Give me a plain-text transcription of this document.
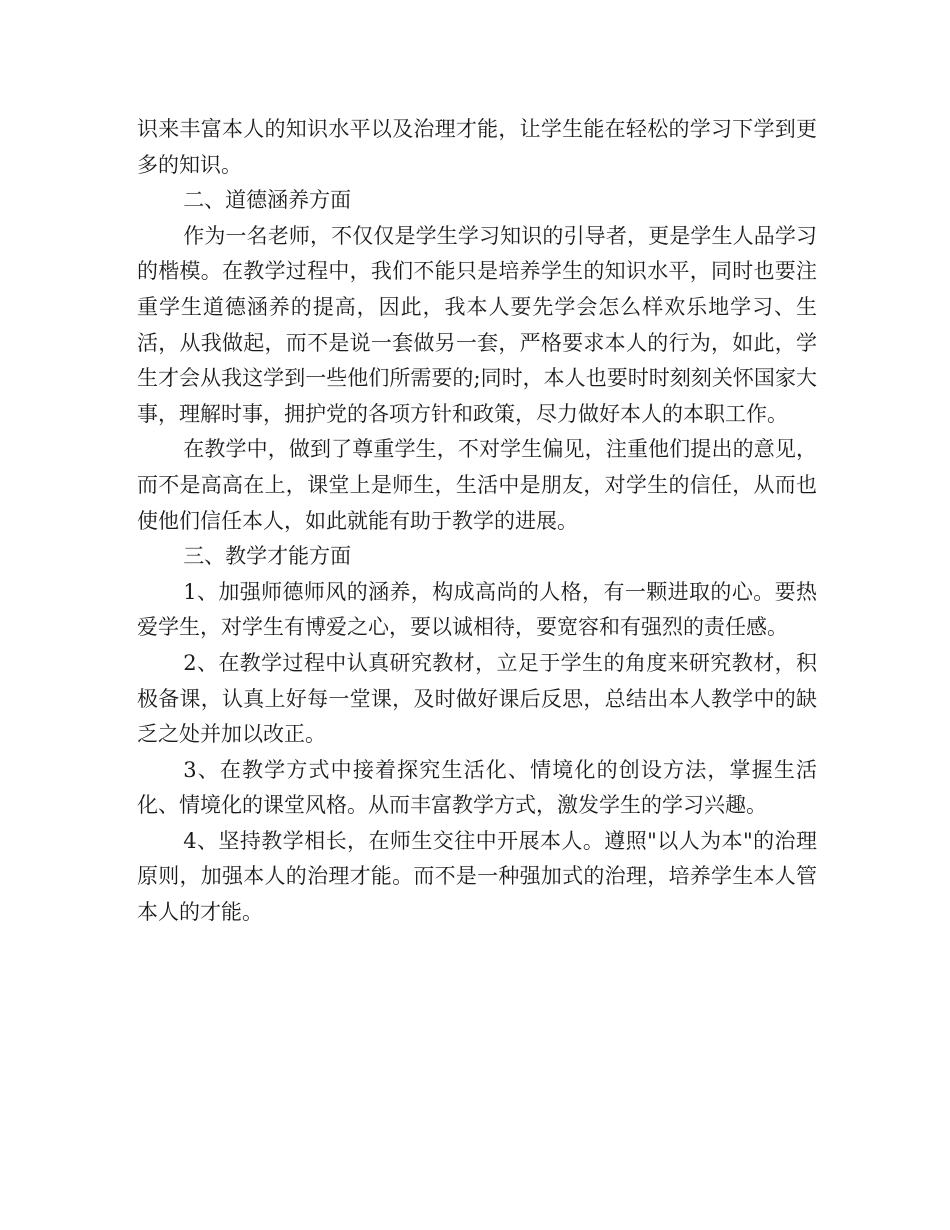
识来丰富本人的知识水平以及治理才能，让学生能在轻松的学习下学到更多的知识。

二、道德涵养方面

作为一名老师，不仅仅是学生学习知识的引导者，更是学生人品学习的楷模。在教学过程中，我们不能只是培养学生的知识水平，同时也要注重学生道德涵养的提高，因此，我本人要先学会怎么样欢乐地学习、生活，从我做起，而不是说一套做另一套，严格要求本人的行为，如此，学生才会从我这学到一些他们所需要的;同时，本人也要时时刻刻关怀国家大事，理解时事，拥护党的各项方针和政策，尽力做好本人的本职工作。

在教学中，做到了尊重学生，不对学生偏见，注重他们提出的意见，而不是高高在上，课堂上是师生，生活中是朋友，对学生的信任，从而也使他们信任本人，如此就能有助于教学的进展。

三、教学才能方面

1、加强师德师风的涵养，构成高尚的人格，有一颗进取的心。要热爱学生，对学生有博爱之心，要以诚相待，要宽容和有强烈的责任感。

2、在教学过程中认真研究教材，立足于学生的角度来研究教材，积极备课，认真上好每一堂课，及时做好课后反思，总结出本人教学中的缺乏之处并加以改正。

3、在教学方式中接着探究生活化、情境化的创设方法，掌握生活化、情境化的课堂风格。从而丰富教学方式，激发学生的学习兴趣。

4、坚持教学相长，在师生交往中开展本人。遵照"以人为本"的治理原则，加强本人的治理才能。而不是一种强加式的治理，培养学生本人管本人的才能。
